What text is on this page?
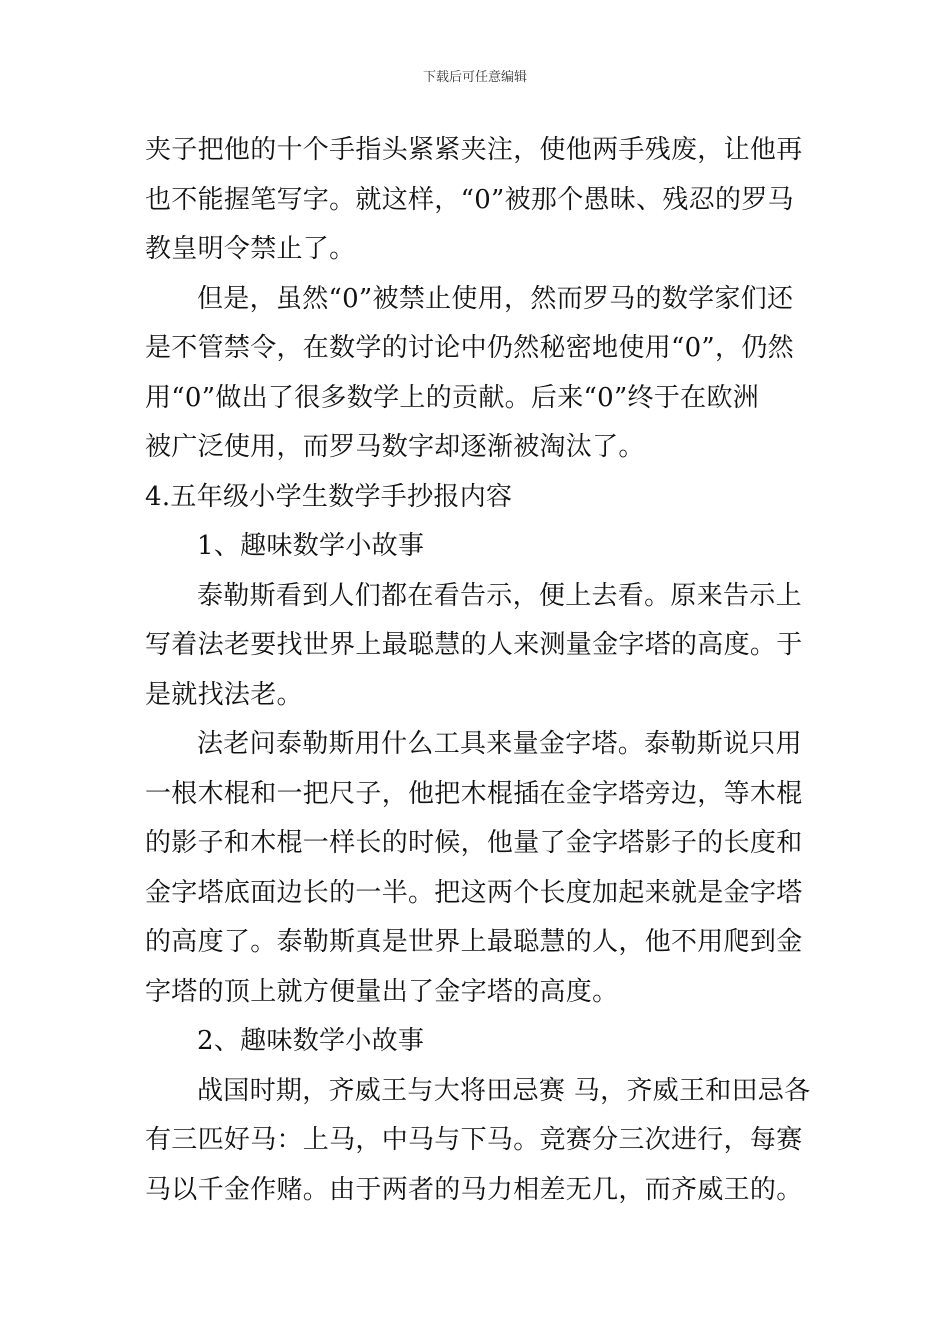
下载后可任意编辑
夹子把他的十个手指头紧紧夹注，使他两手残废，让他再
也不能握笔写字。就这样，“0”被那个愚昧、残忍的罗马
教皇明令禁止了。
但是，虽然“0”被禁止使用，然而罗马的数学家们还
是不管禁令，在数学的讨论中仍然秘密地使用“0”，仍然
用“0”做出了很多数学上的贡献。后来“0”终于在欧洲
被广泛使用，而罗马数字却逐渐被淘汰了。
4.五年级小学生数学手抄报内容
1、趣味数学小故事
泰勒斯看到人们都在看告示，便上去看。原来告示上
写着法老要找世界上最聪慧的人来测量金字塔的高度。于
是就找法老。
法老问泰勒斯用什么工具来量金字塔。泰勒斯说只用
一根木棍和一把尺子，他把木棍插在金字塔旁边，等木棍
的影子和木棍一样长的时候，他量了金字塔影子的长度和
金字塔底面边长的一半。把这两个长度加起来就是金字塔
的高度了。泰勒斯真是世界上最聪慧的人，他不用爬到金
字塔的顶上就方便量出了金字塔的高度。
2、趣味数学小故事
战国时期，齐威王与大将田忌赛 马，齐威王和田忌各
有三匹好马：上马，中马与下马。竞赛分三次进行，每赛
马以千金作赌。由于两者的马力相差无几，而齐威王的。
